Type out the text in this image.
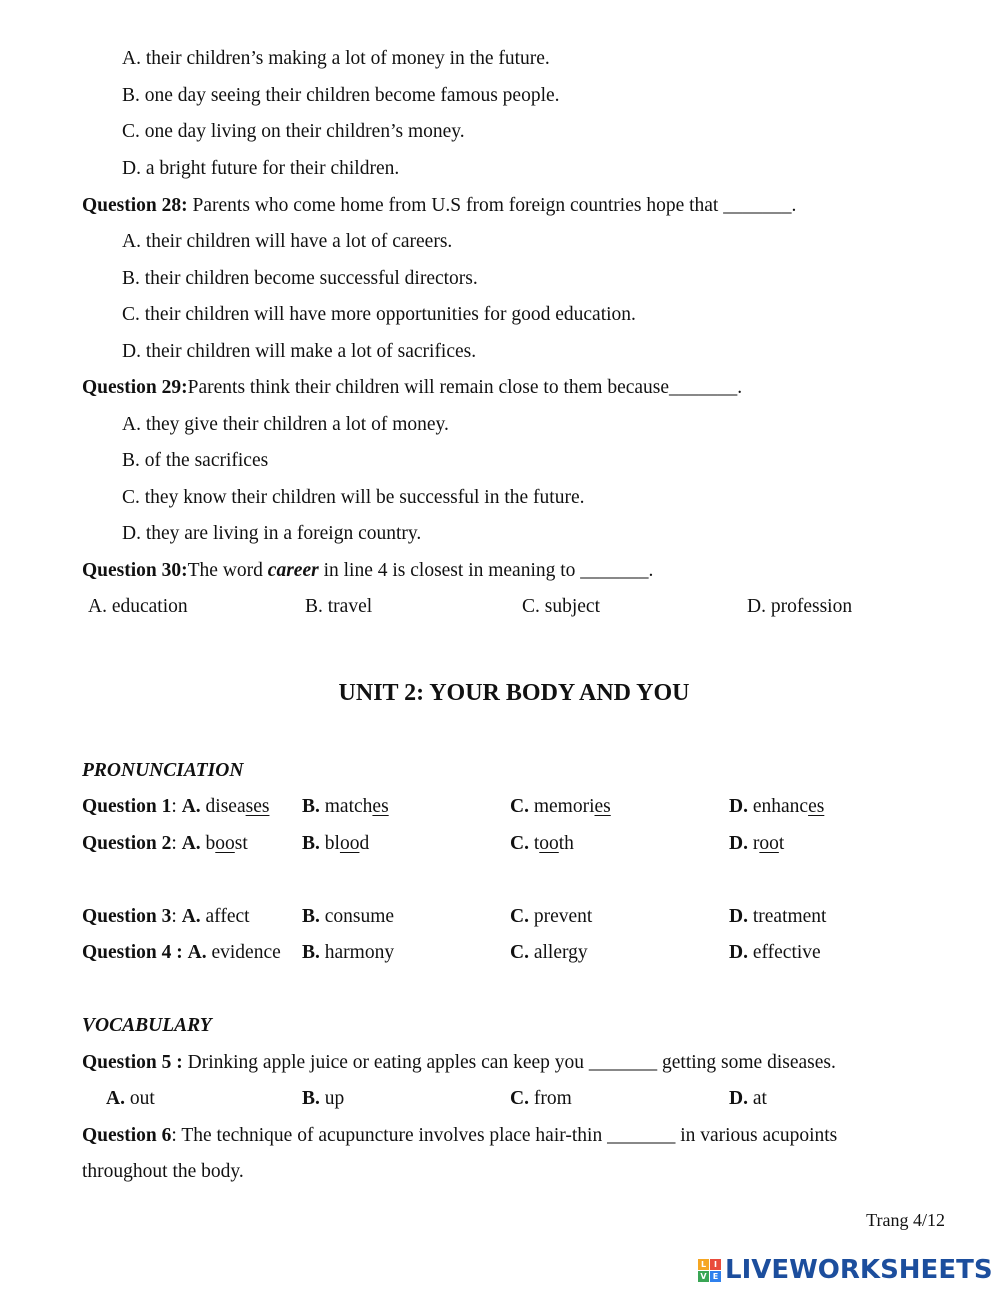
A. their children’s making a lot of money in the future.
B. one day seeing their children become famous people.
C. one day living on their children’s money.
D. a bright future for their children.
Question 28: Parents who come home from U.S from foreign countries hope that _______.
A. their children will have a lot of careers.
B. their children become successful directors.
C. their children will have more opportunities for good education.
D. their children will make a lot of sacrifices.
Question 29:Parents think their children will remain close to them because_______.
A. they give their children a lot of money.
B. of the sacrifices
C. they know their children will be successful in the future.
D. they are living in a foreign country.
Question 30:The word career in line 4 is closest in meaning to _______.
A. education	B. travel	C. subject	D. profession
UNIT 2: YOUR BODY AND YOU
PRONUNCIATION
Question 1: A. diseases B. matches	C. memories	D. enhances
Question 2: A. boost	B. blood	C. tooth	D. root
Question 3: A. affect	B. consume	C. prevent	D. treatment
Question 4 : A. evidence B. harmony	C. allergy	D. effective
VOCABULARY
Question 5 : Drinking apple juice or eating apples can keep you _______ getting some diseases.
A. out	B. up	C. from	D. at
Question 6: The technique of acupuncture involves place hair-thin _______ in various acupoints
throughout the body.
Trang 4/12
L I
V E LIVEWORKSHEETS
